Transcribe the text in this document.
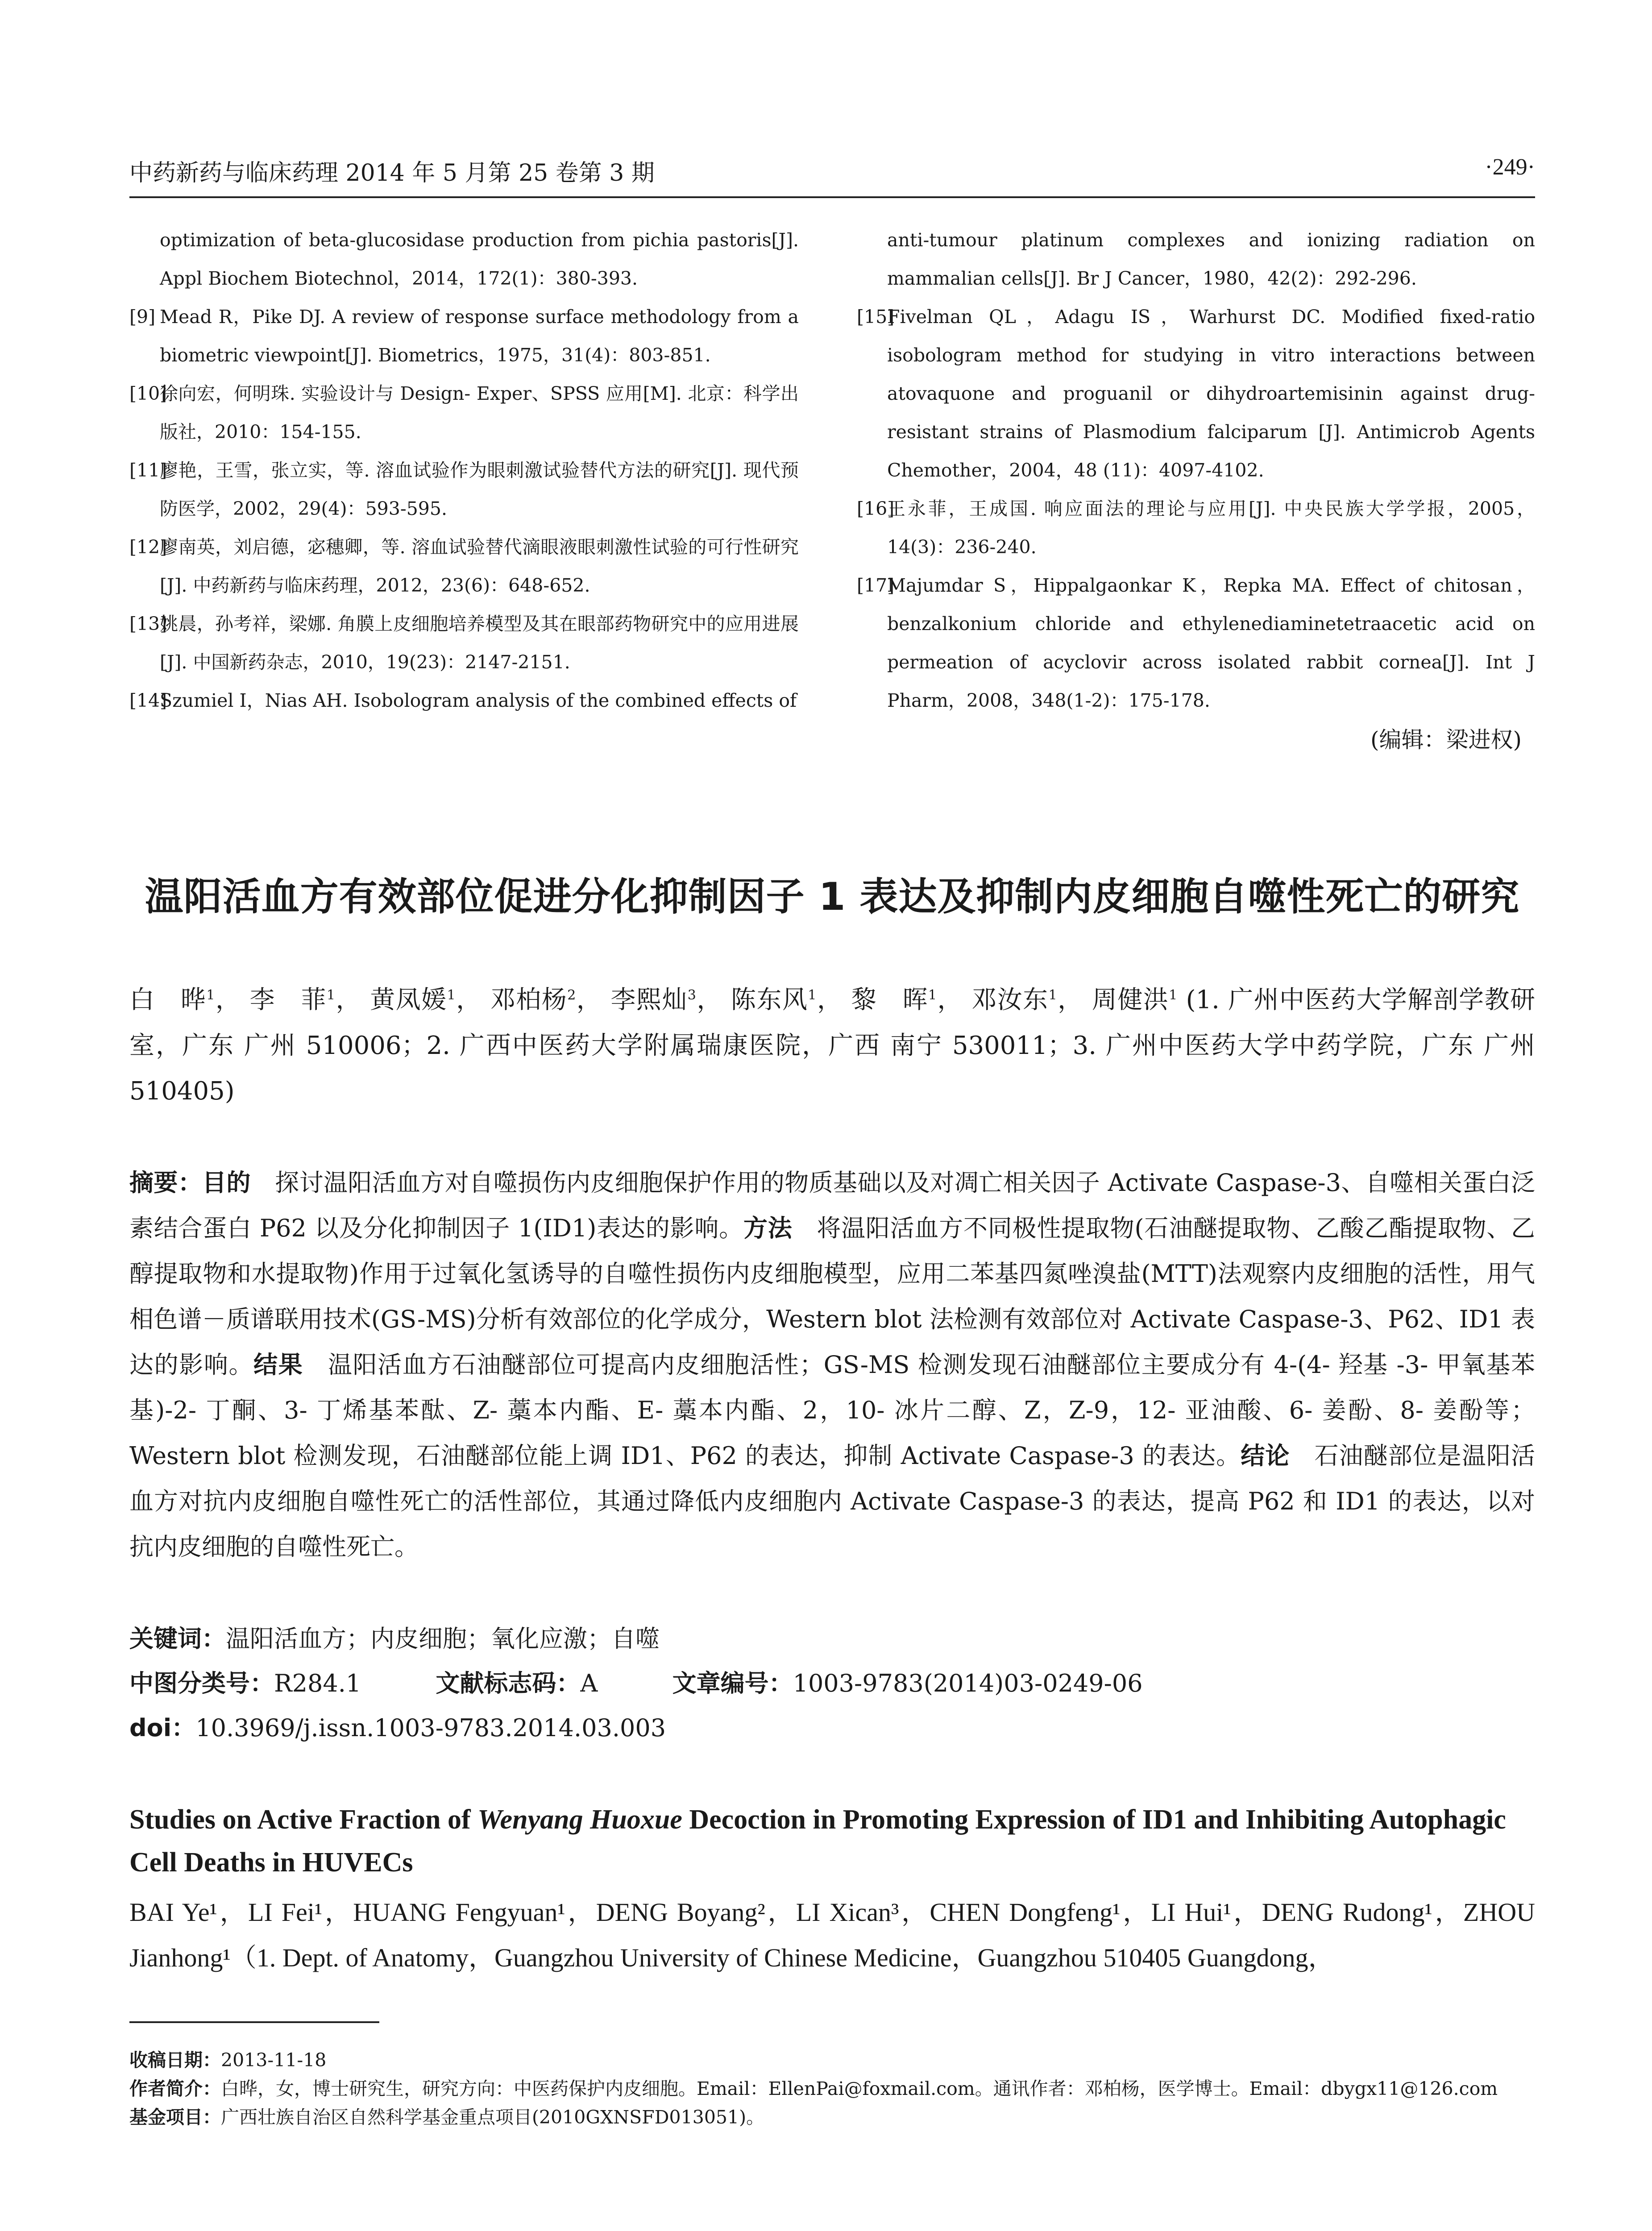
中药新药与临床药理 2014 年 5 月第 25 卷第 3 期	·249·
optimization of beta-glucosidase production from pichia pastoris[J]. Appl Biochem Biotechnol，2014，172(1)：380-393.
[9] Mead R，Pike DJ. A review of response surface methodology from a biometric viewpoint[J]. Biometrics，1975，31(4)：803-851.
[10]
徐向宏，何明珠. 实验设计与 Design- Exper、SPSS 应用[M]. 北京：科学出版社，2010：154-155.
[11]
廖艳，王雪，张立实，等. 溶血试验作为眼刺激试验替代方法的研究[J]. 现代预防医学，2002，29(4)：593-595.
[12]
廖南英，刘启德，宓穗卿，等. 溶血试验替代滴眼液眼刺激性试验的可行性研究[J]. 中药新药与临床药理，2012，23(6)：648-652.
[13]
姚晨，孙考祥，梁娜. 角膜上皮细胞培养模型及其在眼部药物研究中的应用进展[J]. 中国新药杂志，2010，19(23)：2147-2151.
[14]
Szumiel I，Nias AH. Isobologram analysis of the combined effects of
anti-tumour platinum complexes and ionizing radiation on mammalian cells[J]. Br J Cancer，1980，42(2)：292-296.
[15]
Fivelman QL，Adagu IS，Warhurst DC. Modified fixed-ratio isobologram method for studying in vitro interactions between atovaquone and proguanil or dihydroartemisinin against drug-resistant strains of Plasmodium falciparum [J]. Antimicrob Agents Chemother，2004，48 (11)：4097-4102.
[16]
王永菲，王成国. 响应面法的理论与应用[J]. 中央民族大学学报，2005，14(3)：236-240.
[17]
Majumdar S，Hippalgaonkar K，Repka MA. Effect of chitosan，benzalkonium chloride and ethylenediaminetetraacetic acid on permeation of acyclovir across isolated rabbit cornea[J]. Int J Pharm，2008，348(1-2)：175-178.
(编辑：梁进权)
温阳活血方有效部位促进分化抑制因子 1 表达及抑制内皮细胞自噬性死亡的研究
白　晔$^1$， 李　菲$^1$， 黄凤媛$^1$， 邓柏杨$^2$， 李熙灿$^3$， 陈东风$^1$， 黎　晖$^1$， 邓汝东$^1$， 周健洪$^1$ (1. 广州中医药大学解剖学教研室，广东 广州 510006；2. 广西中医药大学附属瑞康医院，广西 南宁 530011；3. 广州中医药大学中药学院，广东 广州 510405)
摘要：目的　 探讨温阳活血方对自噬损伤内皮细胞保护作用的物质基础以及对凋亡相关因子 Activate Caspase-3、自噬相关蛋白泛素结合蛋白 P62 以及分化抑制因子 1(ID1)表达的影响。方法　 将温阳活血方不同极性提取物(石油醚提取物、乙酸乙酯提取物、乙醇提取物和水提取物)作用于过氧化氢诱导的自噬性损伤内皮细胞模型，应用二苯基四氮唑溴盐(MTT)法观察内皮细胞的活性，用气相色谱－质谱联用技术(GS-MS)分析有效部位的化学成分，Western blot 法检测有效部位对 Activate Caspase-3、P62、ID1 表达的影响。结果　 温阳活血方石油醚部位可提高内皮细胞活性；GS-MS 检测发现石油醚部位主要成分有 4-(4- 羟基 -3- 甲氧基苯基)-2- 丁酮、3- 丁烯基苯酞、Z- 藁本内酯、E- 藁本内酯、2，10- 冰片二醇、Z，Z-9，12- 亚油酸、6- 姜酚、8- 姜酚等；Western blot 检测发现，石油醚部位能上调 ID1、P62 的表达，抑制 Activate Caspase-3 的表达。结论　 石油醚部位是温阳活血方对抗内皮细胞自噬性死亡的活性部位，其通过降低内皮细胞内 Activate Caspase-3 的表达，提高 P62 和 ID1 的表达，以对抗内皮细胞的自噬性死亡。
关键词：温阳活血方；内皮细胞；氧化应激；自噬
中图分类号：R284.1	文献标志码：A	文章编号：1003-9783(2014)03-0249-06
doi：10.3969/j.issn.1003-9783.2014.03.003
Studies on Active Fraction of Wenyang Huoxue Decoction in Promoting Expression of ID1 and Inhibiting Autophagic Cell Deaths in HUVECs
BAI Ye¹，LI Fei¹，HUANG Fengyuan¹，DENG Boyang²，LI Xican³，CHEN Dongfeng¹，LI Hui¹，DENG Rudong¹，ZHOU Jianhong¹（1. Dept. of Anatomy，Guangzhou University of Chinese Medicine，Guangzhou 510405 Guangdong，
收稿日期：2013-11-18
作者简介：白晔，女，博士研究生，研究方向：中医药保护内皮细胞。Email：EllenPai@foxmail.com。通讯作者：邓柏杨，医学博士。Email：dbygx11@126.com
基金项目：广西壮族自治区自然科学基金重点项目(2010GXNSFD013051)。
